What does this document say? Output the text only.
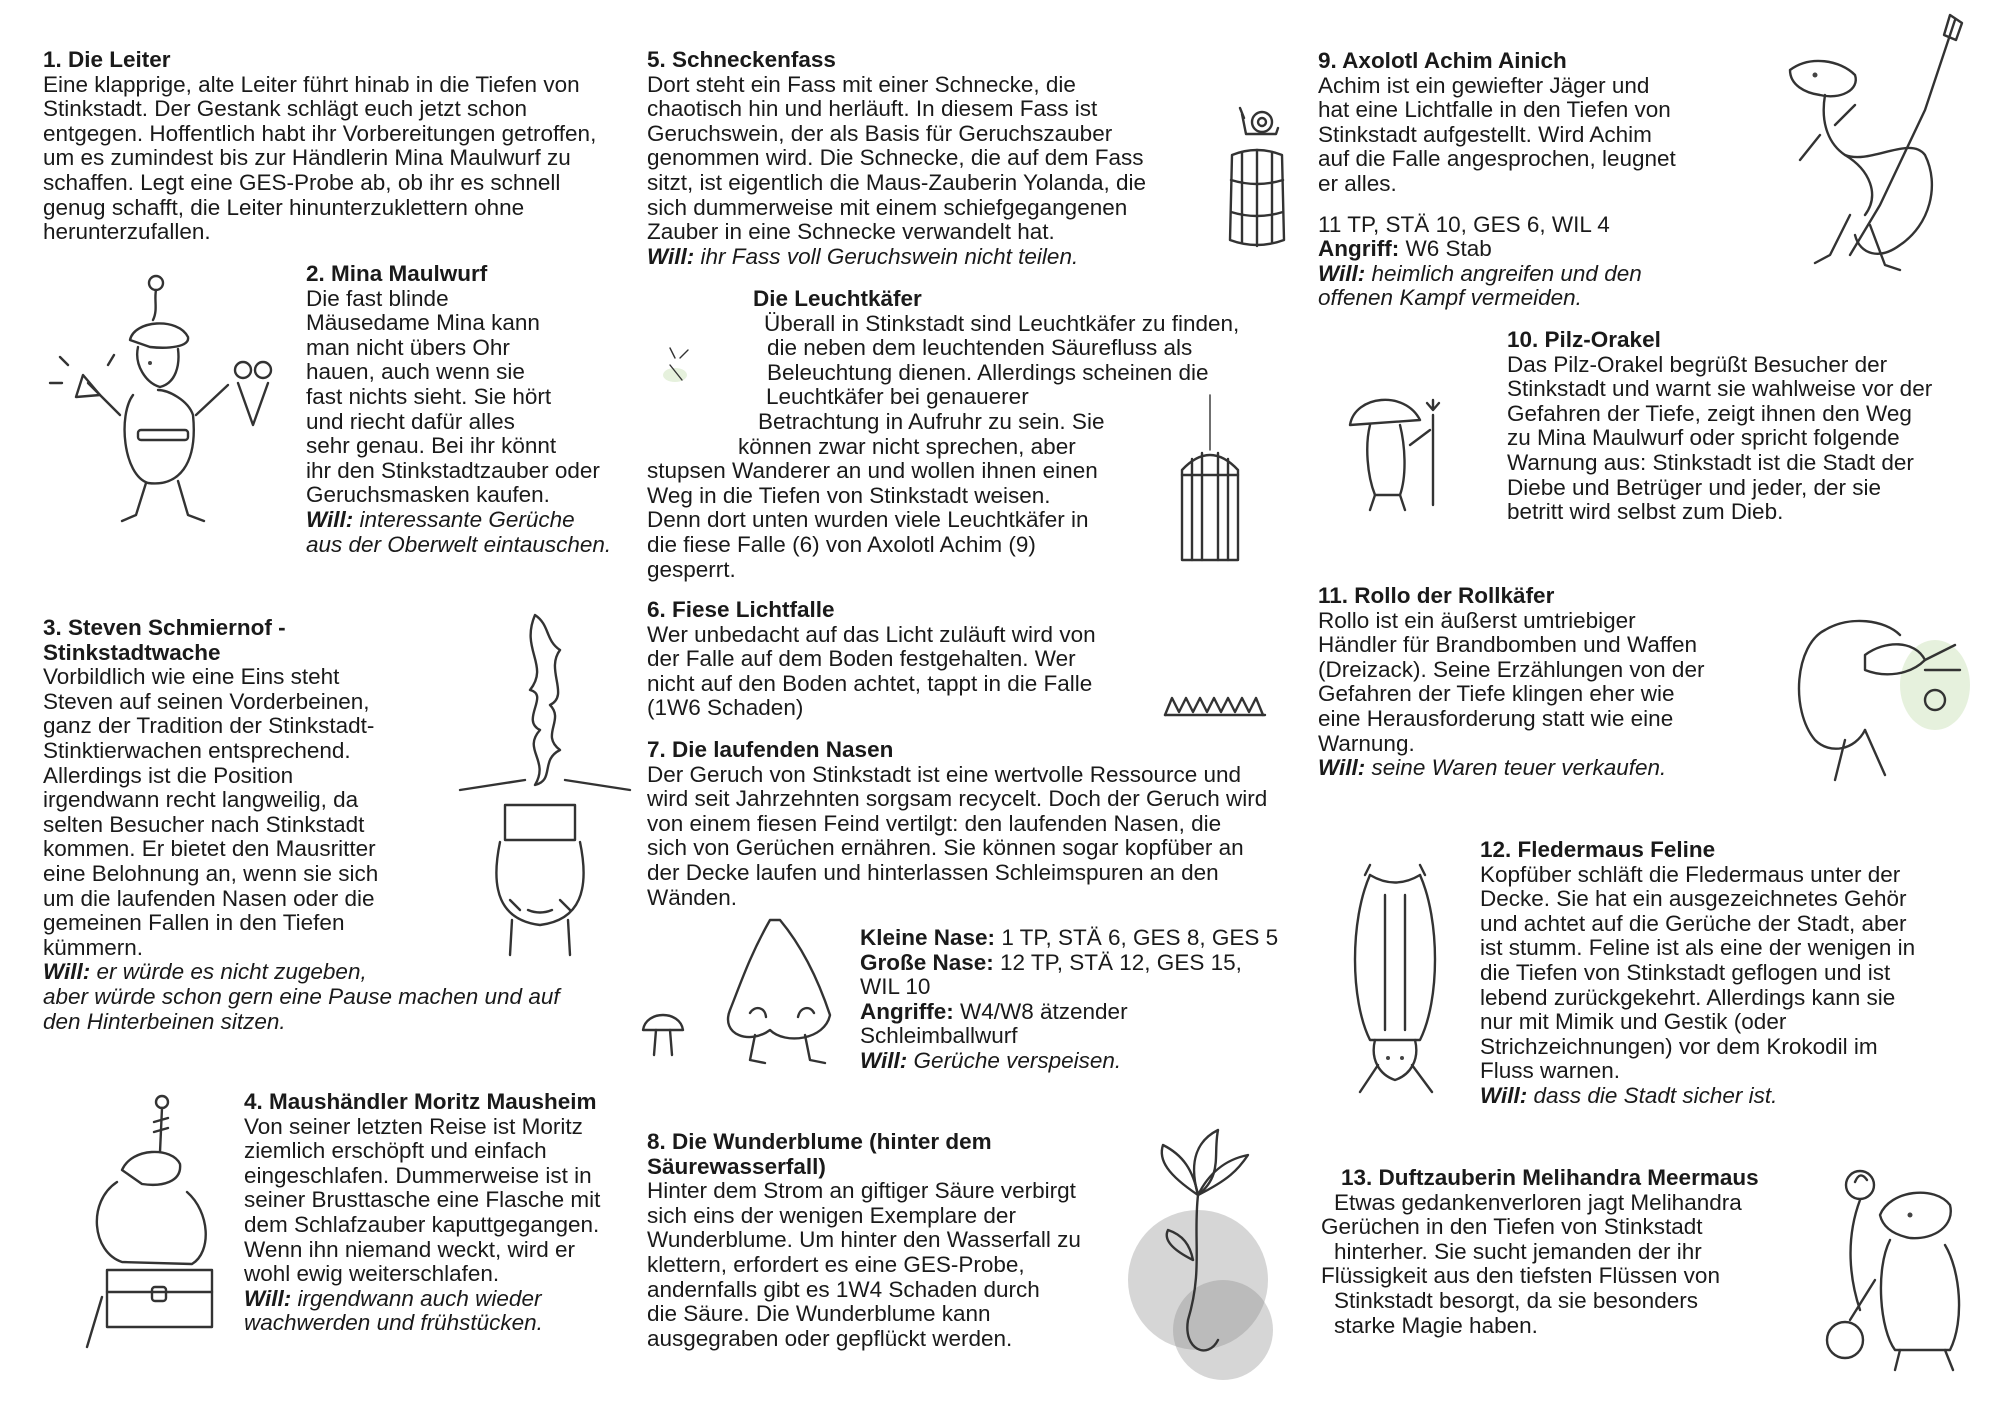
1. Die Leiter

Eine klapprige, alte Leiter führt hinab in die Tiefen von
Stinkstadt. Der Gestank schlägt euch jetzt schon
entgegen. Hoffentlich habt ihr Vorbereitungen getroffen,
um es zumindest bis zur Händlerin Mina Maulwurf zu
schaffen. Legt eine GES-Probe ab, ob ihr es schnell
genug schafft, die Leiter hinunterzuklettern ohne
herunterzufallen.

2. Mina Maulwurf

Die fast blinde
Mäusedame Mina kann
man nicht übers Ohr
hauen, auch wenn sie
fast nichts sieht. Sie hört
und riecht dafür alles
sehr genau. Bei ihr könnt
ihr den Stinkstadtzauber oder
Geruchsmasken kaufen.
Will: interessante Gerüche
aus der Oberwelt eintauschen.

3. Steven Schmiernof -
Stinkstadtwache

Vorbildlich wie eine Eins steht
Steven auf seinen Vorderbeinen,
ganz der Tradition der Stinkstadt-
Stinktierwachen entsprechend.
Allerdings ist die Position
irgendwann recht langweilig, da
selten Besucher nach Stinkstadt
kommen. Er bietet den Mausritter
eine Belohnung an, wenn sie sich
um die laufenden Nasen oder die
gemeinen Fallen in den Tiefen
kümmern.
Will: er würde es nicht zugeben,
aber würde schon gern eine Pause machen und auf
den Hinterbeinen sitzen.

4. Maushändler Moritz Mausheim

Von seiner letzten Reise ist Moritz
ziemlich erschöpft und einfach
eingeschlafen. Dummerweise ist in
seiner Brusttasche eine Flasche mit
dem Schlafzauber kaputtgegangen.
Wenn ihn niemand weckt, wird er
wohl ewig weiterschlafen.
Will: irgendwann auch wieder
wachwerden und frühstücken.

5. Schneckenfass

Dort steht ein Fass mit einer Schnecke, die
chaotisch hin und herläuft. In diesem Fass ist
Geruchswein, der als Basis für Geruchszauber
genommen wird. Die Schnecke, die auf dem Fass
sitzt, ist eigentlich die Maus-Zauberin Yolanda, die
sich dummerweise mit einem schiefgegangenen
Zauber in eine Schnecke verwandelt hat.
Will: ihr Fass voll Geruchswein nicht teilen.

Die Leuchtkäfer

Überall in Stinkstadt sind Leuchtkäfer zu finden,
die neben dem leuchtenden Säurefluss als
Beleuchtung dienen. Allerdings scheinen die
Leuchtkäfer bei genauerer
Betrachtung in Aufruhr zu sein. Sie
können zwar nicht sprechen, aber
stupsen Wanderer an und wollen ihnen einen
Weg in die Tiefen von Stinkstadt weisen.
Denn dort unten wurden viele Leuchtkäfer in
die fiese Falle (6) von Axolotl Achim (9)
gesperrt.

6. Fiese Lichtfalle

Wer unbedacht auf das Licht zuläuft wird von
der Falle auf dem Boden festgehalten. Wer
nicht auf den Boden achtet, tappt in die Falle
(1W6 Schaden)

7. Die laufenden Nasen

Der Geruch von Stinkstadt ist eine wertvolle Ressource und
wird seit Jahrzehnten sorgsam recycelt. Doch der Geruch wird
von einem fiesen Feind vertilgt: den laufenden Nasen, die
sich von Gerüchen ernähren. Sie können sogar kopfüber an
der Decke laufen und hinterlassen Schleimspuren an den
Wänden.

Kleine Nase: 1 TP, STÄ 6, GES 8, GES 5
Große Nase: 12 TP, STÄ 12, GES 15,
WIL 10
Angriffe: W4/W8 ätzender
Schleimballwurf
Will: Gerüche verspeisen.
8. Die Wunderblume (hinter dem
Säurewasserfall)

Hinter dem Strom an giftiger Säure verbirgt
sich eins der wenigen Exemplare der
Wunderblume. Um hinter den Wasserfall zu
klettern, erfordert es eine GES-Probe,
andernfalls gibt es 1W4 Schaden durch
die Säure. Die Wunderblume kann
ausgegraben oder gepflückt werden.

9. Axolotl Achim Ainich

Achim ist ein gewiefter Jäger und
hat eine Lichtfalle in den Tiefen von
Stinkstadt aufgestellt. Wird Achim
auf die Falle angesprochen, leugnet
er alles.
11 TP, STÄ 10, GES 6, WIL 4
Angriff: W6 Stab
Will: heimlich angreifen und den
offenen Kampf vermeiden.

10. Pilz-Orakel

Das Pilz-Orakel begrüßt Besucher der
Stinkstadt und warnt sie wahlweise vor der
Gefahren der Tiefe, zeigt ihnen den Weg
zu Mina Maulwurf oder spricht folgende
Warnung aus: Stinkstadt ist die Stadt der
Diebe und Betrüger und jeder, der sie
betritt wird selbst zum Dieb.

11. Rollo der Rollkäfer

Rollo ist ein äußerst umtriebiger
Händler für Brandbomben und Waffen
(Dreizack). Seine Erzählungen von der
Gefahren der Tiefe klingen eher wie
eine Herausforderung statt wie eine
Warnung.
Will: seine Waren teuer verkaufen.

12. Fledermaus Feline

Kopfüber schläft die Fledermaus unter der
Decke. Sie hat ein ausgezeichnetes Gehör
und achtet auf die Gerüche der Stadt, aber
ist stumm. Feline ist als eine der wenigen in
die Tiefen von Stinkstadt geflogen und ist
lebend zurückgekehrt. Allerdings kann sie
nur mit Mimik und Gestik (oder
Strichzeichnungen) vor dem Krokodil im
Fluss warnen.
Will: dass die Stadt sicher ist.

13. Duftzauberin Melihandra Meermaus

Etwas gedankenverloren jagt Melihandra
Gerüchen in den Tiefen von Stinkstadt
hinterher. Sie sucht jemanden der ihr
Flüssigkeit aus den tiefsten Flüssen von
Stinkstadt besorgt, da sie besonders
starke Magie haben.
